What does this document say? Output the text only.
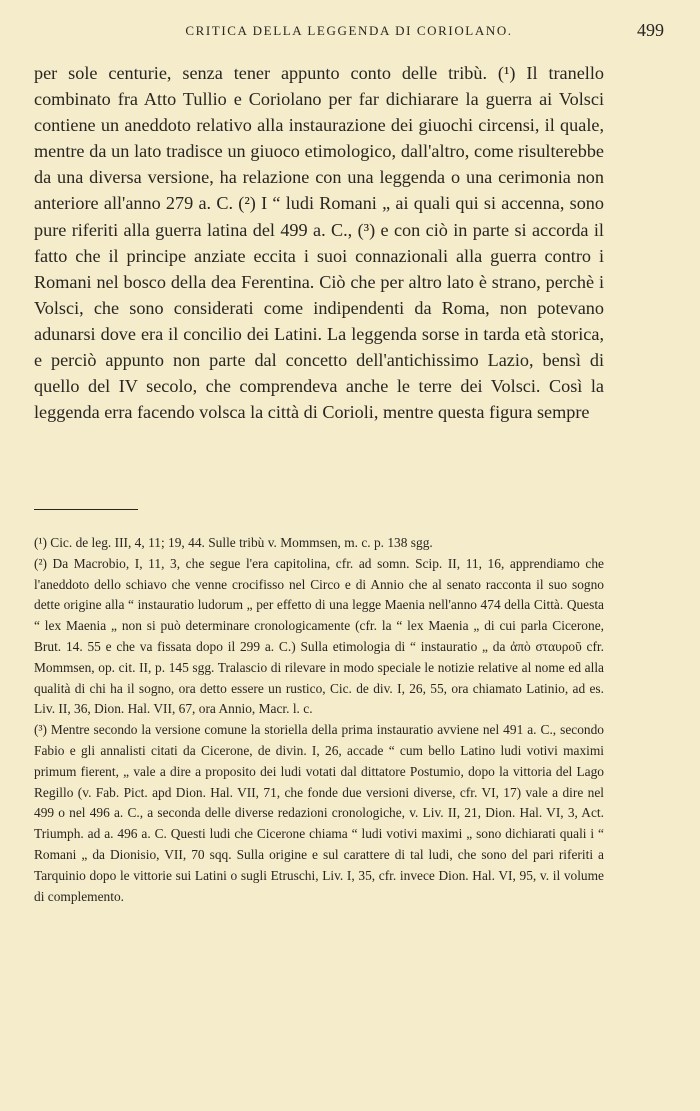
CRITICA DELLA LEGGENDA DI CORIOLANO.	499

per sole centurie, senza tener appunto conto delle tribù. (¹) Il tranello combinato fra Atto Tullio e Coriolano per far dichiarare la guerra ai Volsci contiene un aneddoto relativo alla instaurazione dei giuochi circensi, il quale, mentre da un lato tradisce un giuoco etimologico, dall'altro, come risulterebbe da una diversa versione, ha relazione con una leggenda o una cerimonia non anteriore all'anno 279 a. C. (²) I “ ludi Romani „ ai quali qui si accenna, sono pure riferiti alla guerra latina del 499 a. C., (³) e con ciò in parte si accorda il fatto che il principe anziate eccita i suoi connazionali alla guerra contro i Romani nel bosco della dea Ferentina. Ciò che per altro lato è strano, perchè i Volsci, che sono considerati come indipendenti da Roma, non potevano adunarsi dove era il concilio dei Latini. La leggenda sorse in tarda età storica, e perciò appunto non parte dal concetto dell'antichissimo Lazio, bensì di quello del IV secolo, che comprendeva anche le terre dei Volsci. Così la leggenda erra facendo volsca la città di Corioli, mentre questa figura sempre

(¹) Cic. de leg. III, 4, 11; 19, 44. Sulle tribù v. Mommsen, m. c. p. 138 sgg.

(²) Da Macrobio, I, 11, 3, che segue l'era capitolina, cfr. ad somn. Scip. II, 11, 16, apprendiamo che l'aneddoto dello schiavo che venne crocifisso nel Circo e di Annio che al senato racconta il suo sogno dette origine alla “ instauratio ludorum „ per effetto di una legge Maenia nell'anno 474 della Città. Questa “ lex Maenia „ non si può determinare cronologicamente (cfr. la “ lex Maenia „ di cui parla Cicerone, Brut. 14. 55 e che va fissata dopo il 299 a. C.) Sulla etimologia di “ instauratio „ da ἀπὸ σταυροῦ cfr. Mommsen, op. cit. II, p. 145 sgg. Tralascio di rilevare in modo speciale le notizie relative al nome ed alla qualità di chi ha il sogno, ora detto essere un rustico, Cic. de div. I, 26, 55, ora chiamato Latinio, ad es. Liv. II, 36, Dion. Hal. VII, 67, ora Annio, Macr. l. c.

(³) Mentre secondo la versione comune la storiella della prima instauratio avviene nel 491 a. C., secondo Fabio e gli annalisti citati da Cicerone, de divin. I, 26, accade “ cum bello Latino ludi votivi maximi primum fierent, „ vale a dire a proposito dei ludi votati dal dittatore Postumio, dopo la vittoria del Lago Regillo (v. Fab. Pict. apd Dion. Hal. VII, 71, che fonde due versioni diverse, cfr. VI, 17) vale a dire nel 499 o nel 496 a. C., a seconda delle diverse redazioni cronologiche, v. Liv. II, 21, Dion. Hal. VI, 3, Act. Triumph. ad a. 496 a. C. Questi ludi che Cicerone chiama “ ludi votivi maximi „ sono dichiarati quali i “ Romani „ da Dionisio, VII, 70 sqq. Sulla origine e sul carattere di tal ludi, che sono del pari riferiti a Tarquinio dopo le vittorie sui Latini o sugli Etruschi, Liv. I, 35, cfr. invece Dion. Hal. VI, 95, v. il volume di complemento.
